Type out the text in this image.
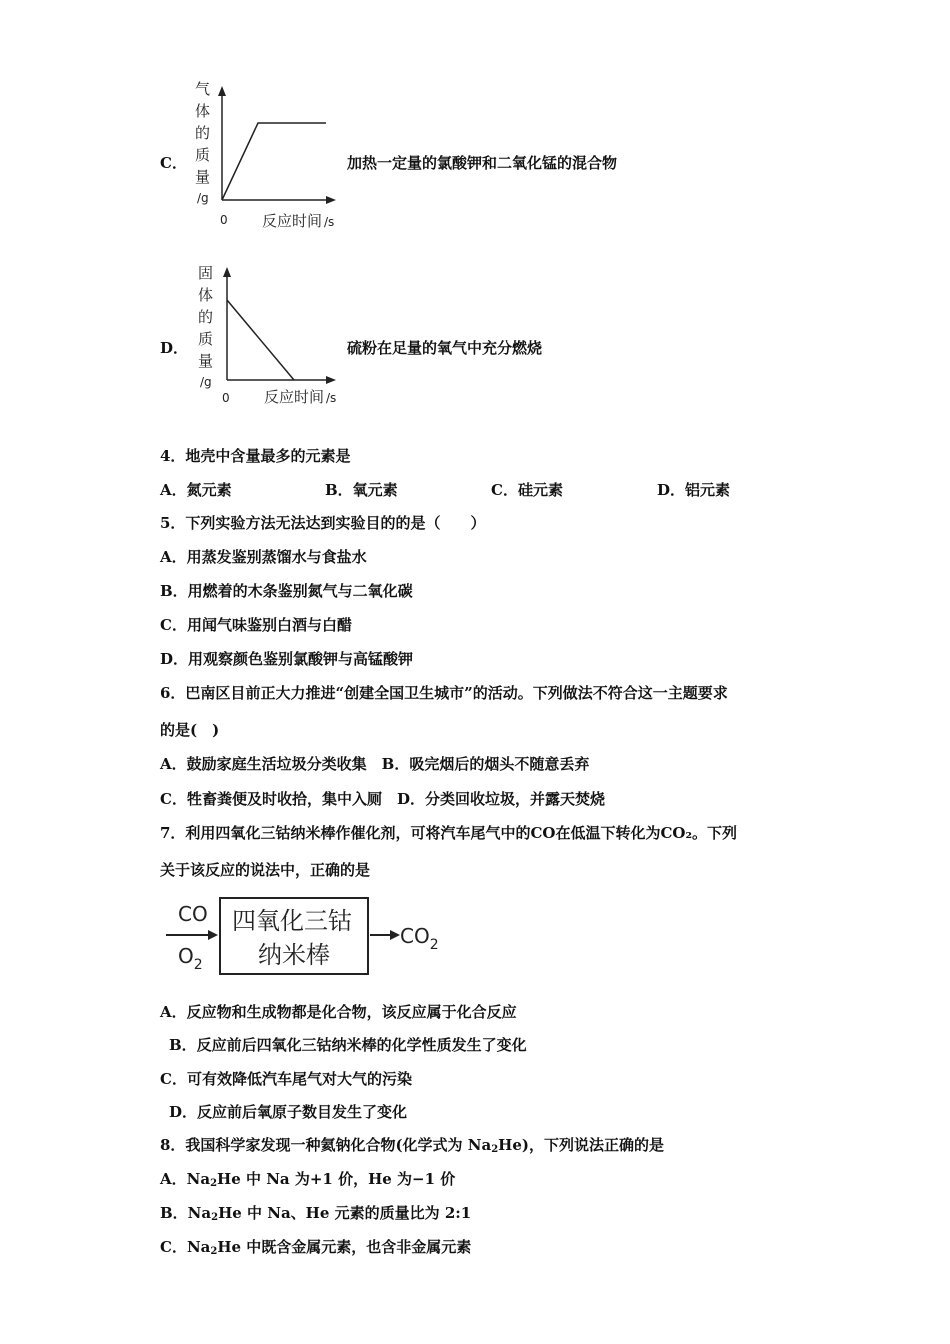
C．
气
体
的
质
量
/g
0 反应时间 /s
加热一定量的氯酸钾和二氧化锰的混合物
D．
固
体
的
质
量
/g
0 反应时间 /s
硫粉在足量的氧气中充分燃烧
4．地壳中含量最多的元素是
A．氮元素	B．氧元素	C．硅元素	D．铝元素
5．下列实验方法无法达到实验目的的是（　　）
A．用蒸发鉴别蒸馏水与食盐水
B．用燃着的木条鉴别氮气与二氧化碳
C．用闻气味鉴别白酒与白醋
D．用观察颜色鉴别氯酸钾与高锰酸钾
6．巴南区目前正大力推进“创建全国卫生城市”的活动。下列做法不符合这一主题要求
的是(　)
A．鼓励家庭生活垃圾分类收集　B．吸完烟后的烟头不随意丢弃
C．牲畜粪便及时收拾，集中入厕　D．分类回收垃圾，并露天焚烧
7．利用四氧化三钴纳米棒作催化剂，可将汽车尾气中的CO在低温下转化为CO₂。下列
关于该反应的说法中，正确的是
CO
$O_2$
四氧化三钴
纳米棒
$CO_2$
A．反应物和生成物都是化合物，该反应属于化合反应
B．反应前后四氧化三钴纳米棒的化学性质发生了变化
C．可有效降低汽车尾气对大气的污染
D．反应前后氧原子数目发生了变化
8．我国科学家发现一种氦钠化合物(化学式为 $Na_2He$)，下列说法正确的是
A．$Na_2He$ 中 Na 为+1 价，He 为−1 价
B．$Na_2He$ 中 Na、He 元素的质量比为 2:1
C．$Na_2He$ 中既含金属元素，也含非金属元素
